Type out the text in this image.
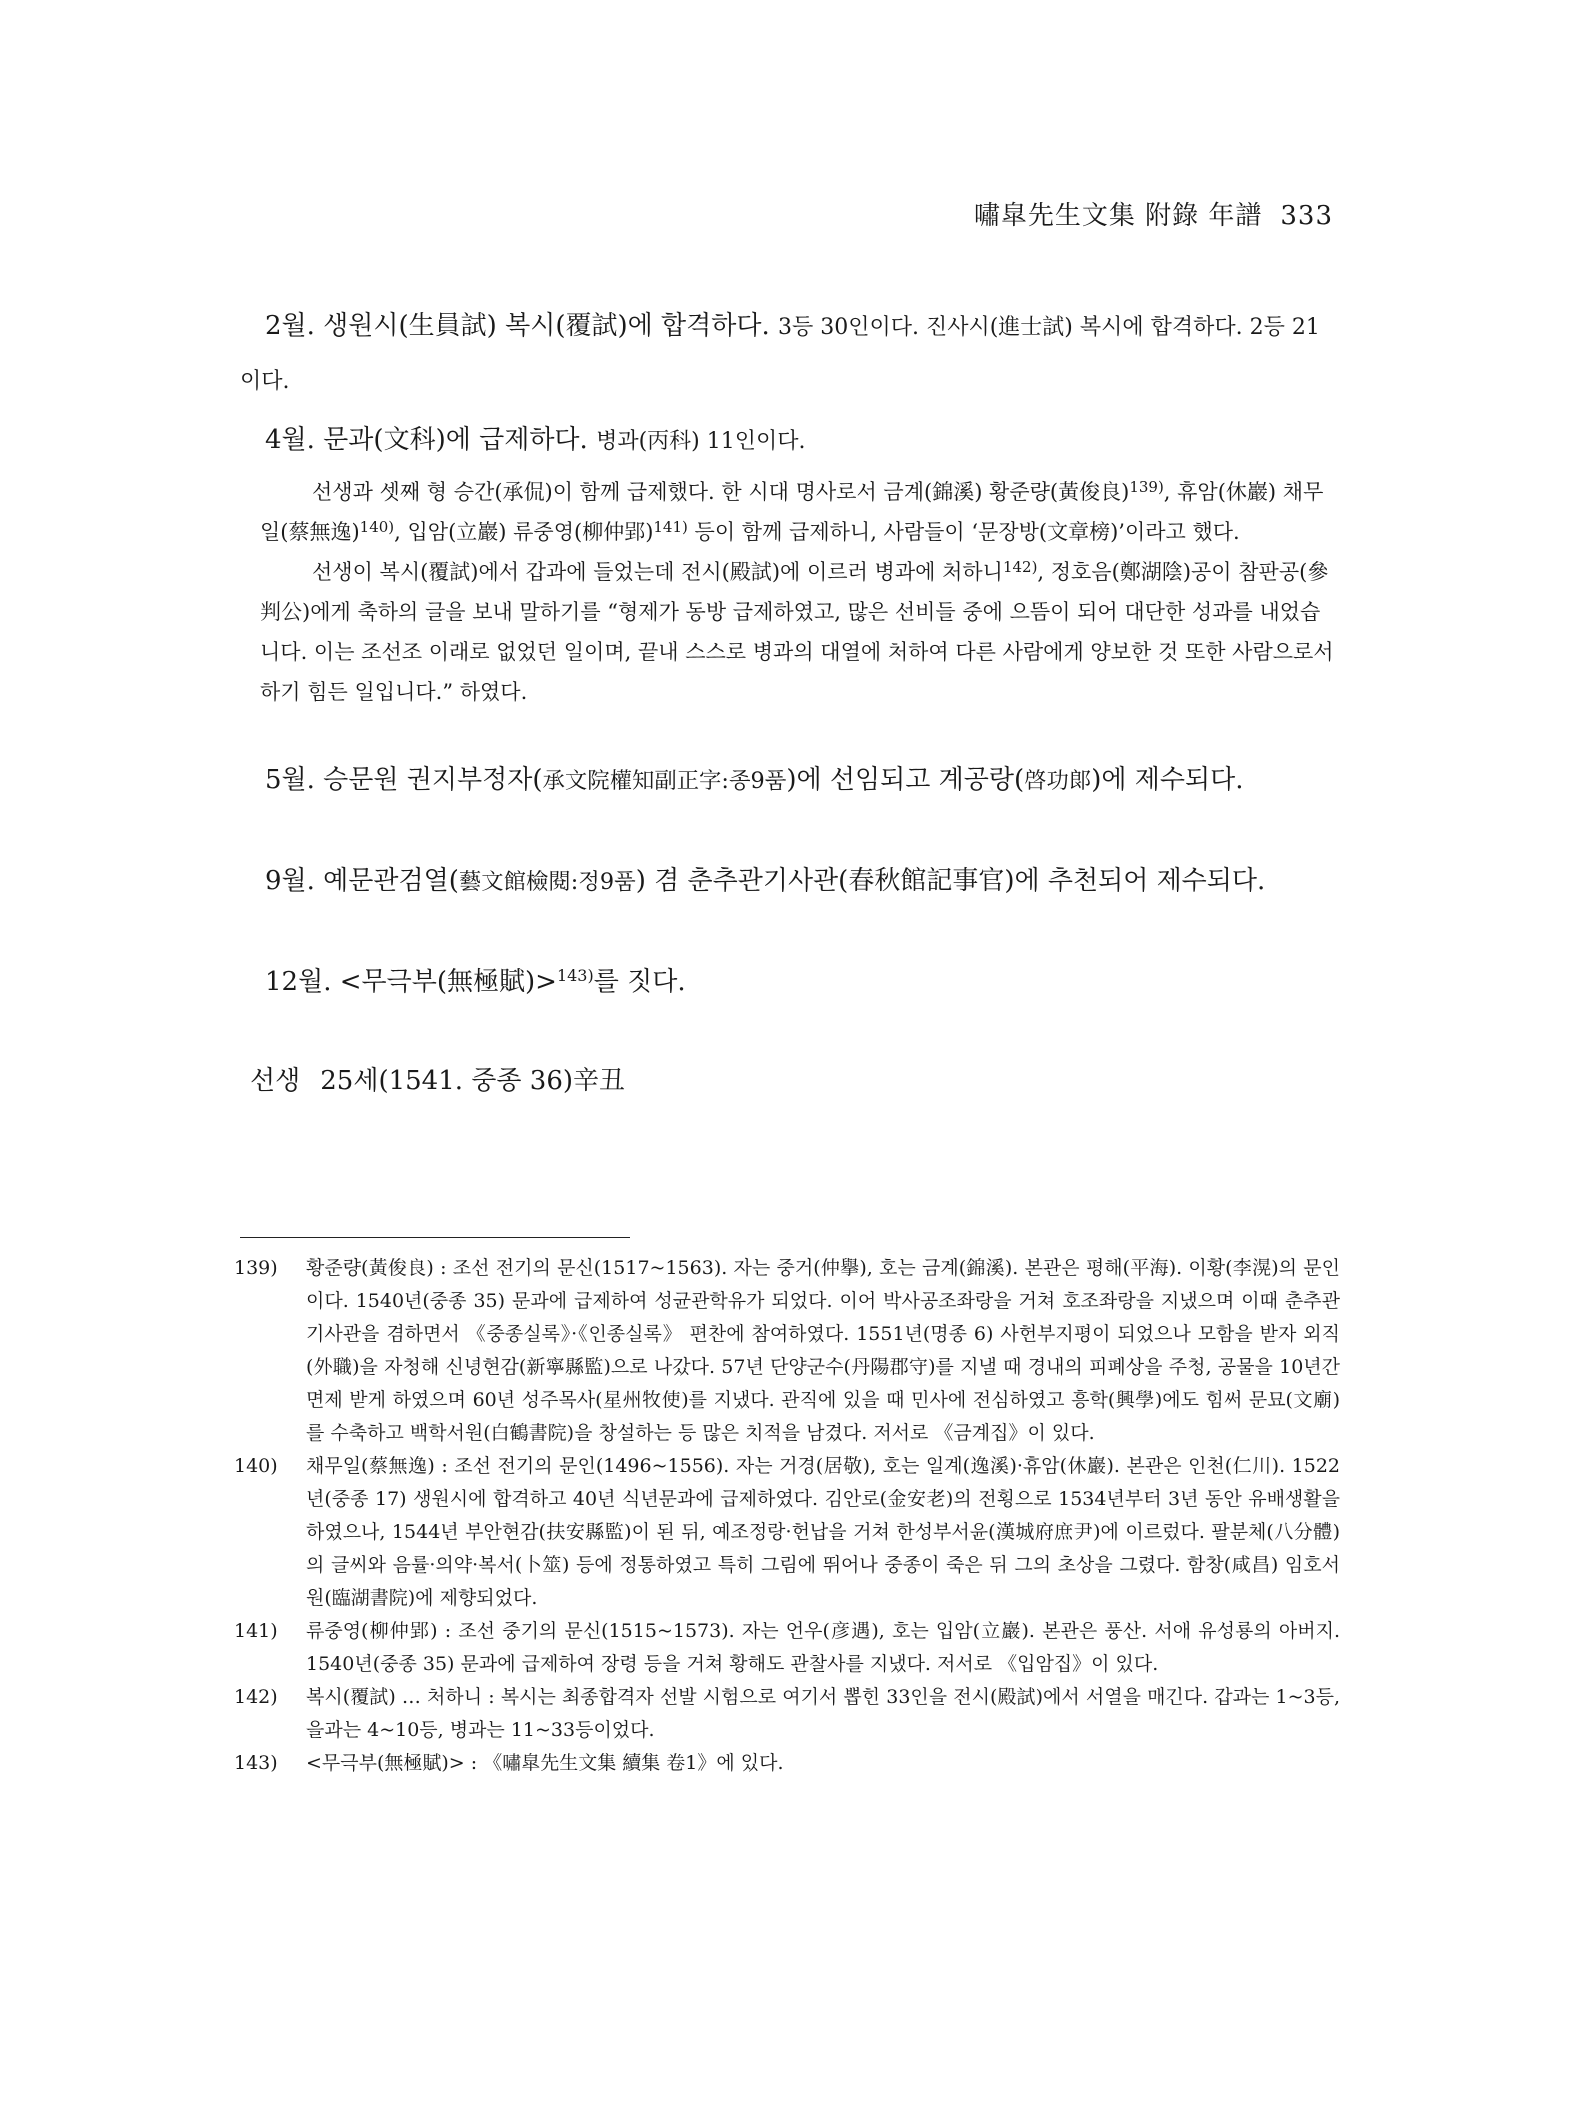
嘯皐先生文集 附錄 年譜 333

2월. 생원시(生員試) 복시(覆試)에 합격하다. 3등 30인이다. 진사시(進士試) 복시에 합격하다. 2등 21이다.

4월. 문과(文科)에 급제하다. 병과(丙科) 11인이다.

선생과 셋째 형 승간(承侃)이 함께 급제했다. 한 시대 명사로서 금계(錦溪) 황준량(黃俊良)$^{139)}$, 휴암(休巖) 채무일(蔡無逸)$^{140)}$, 입암(立巖) 류중영(柳仲郢)$^{141)}$ 등이 함께 급제하니, 사람들이 ‘문장방(文章榜)’이라고 했다.

선생이 복시(覆試)에서 갑과에 들었는데 전시(殿試)에 이르러 병과에 처하니$^{142)}$, 정호음(鄭湖陰)공이 참판공(參判公)에게 축하의 글을 보내 말하기를 “형제가 동방 급제하였고, 많은 선비들 중에 으뜸이 되어 대단한 성과를 내었습니다. 이는 조선조 이래로 없었던 일이며, 끝내 스스로 병과의 대열에 처하여 다른 사람에게 양보한 것 또한 사람으로서 하기 힘든 일입니다.” 하였다.

5월. 승문원 권지부정자(承文院權知副正字:종9품)에 선임되고 계공랑(啓功郞)에 제수되다.

9월. 예문관검열(藝文館檢閱:정9품) 겸 춘추관기사관(春秋館記事官)에 추천되어 제수되다.

12월. <무극부(無極賦)>$^{143)}$를 짓다.

선생 25세(1541. 중종 36)辛丑

139)	황준량(黃俊良) : 조선 전기의 문신(1517~1563). 자는 중거(仲擧), 호는 금계(錦溪). 본관은 평해(平海). 이황(李滉)의 문인이다. 1540년(중종 35) 문과에 급제하여 성균관학유가 되었다. 이어 박사공조좌랑을 거쳐 호조좌랑을 지냈으며 이때 춘추관기사관을 겸하면서 《중종실록》·《인종실록》 편찬에 참여하였다. 1551년(명종 6) 사헌부지평이 되었으나 모함을 받자 외직(外職)을 자청해 신녕현감(新寧縣監)으로 나갔다. 57년 단양군수(丹陽郡守)를 지낼 때 경내의 피폐상을 주청, 공물을 10년간 면제 받게 하였으며 60년 성주목사(星州牧使)를 지냈다. 관직에 있을 때 민사에 전심하였고 흥학(興學)에도 힘써 문묘(文廟)를 수축하고 백학서원(白鶴書院)을 창설하는 등 많은 치적을 남겼다. 저서로 《금계집》이 있다.
140)	채무일(蔡無逸) : 조선 전기의 문인(1496~1556). 자는 거경(居敬), 호는 일계(逸溪)·휴암(休巖). 본관은 인천(仁川). 1522년(중종 17) 생원시에 합격하고 40년 식년문과에 급제하였다. 김안로(金安老)의 전횡으로 1534년부터 3년 동안 유배생활을 하였으나, 1544년 부안현감(扶安縣監)이 된 뒤, 예조정랑·헌납을 거쳐 한성부서윤(漢城府庶尹)에 이르렀다. 팔분체(八分體)의 글씨와 음률·의약·복서(卜筮) 등에 정통하였고 특히 그림에 뛰어나 중종이 죽은 뒤 그의 초상을 그렸다. 함창(咸昌) 임호서원(臨湖書院)에 제향되었다.
141)	류중영(柳仲郢) : 조선 중기의 문신(1515~1573). 자는 언우(彦遇), 호는 입암(立巖). 본관은 풍산. 서애 유성룡의 아버지. 1540년(중종 35) 문과에 급제하여 장령 등을 거쳐 황해도 관찰사를 지냈다. 저서로 《입암집》이 있다.
142)	복시(覆試) … 처하니 : 복시는 최종합격자 선발 시험으로 여기서 뽑힌 33인을 전시(殿試)에서 서열을 매긴다. 갑과는 1~3등, 을과는 4~10등, 병과는 11~33등이었다.
143)	<무극부(無極賦)> : 《嘯皐先生文集 續集 卷1》에 있다.
